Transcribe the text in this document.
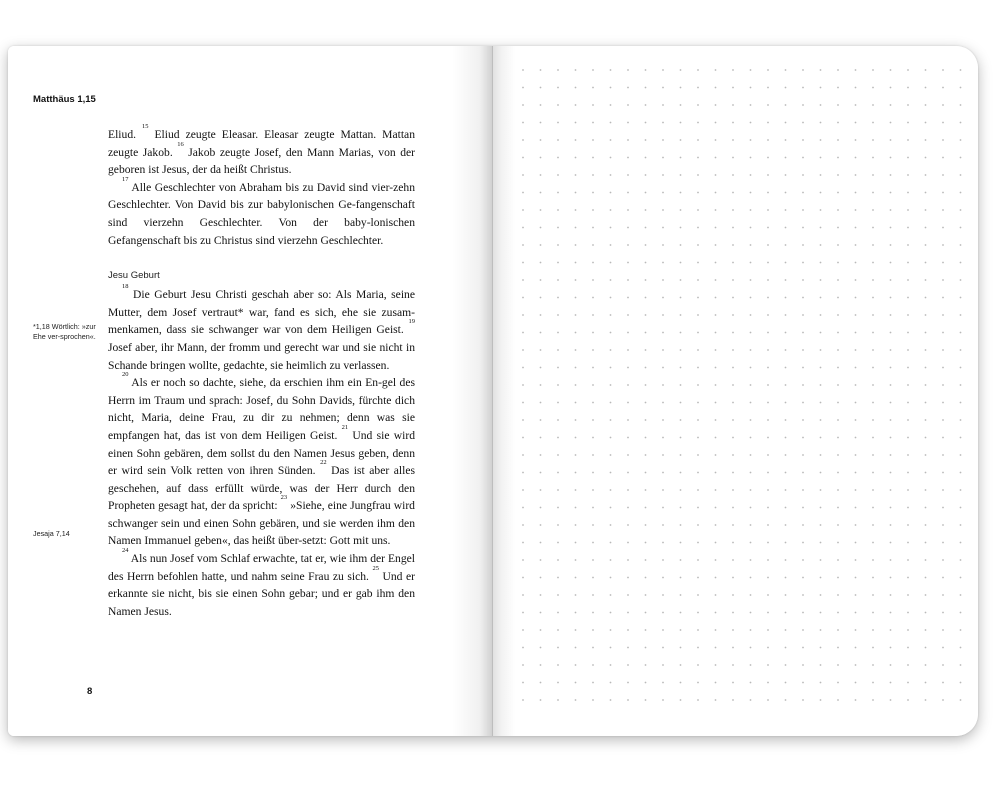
Matthäus 1,15
*1,18 Wörtlich: »zur Ehe ver-sprochen«.
Jesaja 7,14

Eliud. $^{15}$ Eliud zeugte Eleasar. Eleasar zeugte Mattan. Mattan zeugte Jakob. $^{16}$ Jakob zeugte Josef, den Mann Marias, von der geboren ist Jesus, der da heißt Christus.

$^{17}$ Alle Geschlechter von Abraham bis zu David sind vier-zehn Geschlechter. Von David bis zur babylonischen Ge-fangenschaft sind vierzehn Geschlechter. Von der baby-lonischen Gefangenschaft bis zu Christus sind vierzehn Geschlechter.

Jesu Geburt

$^{18}$ Die Geburt Jesu Christi geschah aber so: Als Maria, seine Mutter, dem Josef vertraut* war, fand es sich, ehe sie zusam-menkamen, dass sie schwanger war von dem Heiligen Geist. $^{19}$ Josef aber, ihr Mann, der fromm und gerecht war und sie nicht in Schande bringen wollte, gedachte, sie heimlich zu verlassen.

$^{20}$ Als er noch so dachte, siehe, da erschien ihm ein En-gel des Herrn im Traum und sprach: Josef, du Sohn Davids, fürchte dich nicht, Maria, deine Frau, zu dir zu nehmen; denn was sie empfangen hat, das ist von dem Heiligen Geist. $^{21}$ Und sie wird einen Sohn gebären, dem sollst du den Namen Jesus geben, denn er wird sein Volk retten von ihren Sünden. $^{22}$ Das ist aber alles geschehen, auf dass erfüllt würde, was der Herr durch den Propheten gesagt hat, der da spricht: $^{23}$ »Siehe, eine Jungfrau wird schwanger sein und einen Sohn gebären, und sie werden ihm den Namen Immanuel geben«, das heißt über-setzt: Gott mit uns.

$^{24}$ Als nun Josef vom Schlaf erwachte, tat er, wie ihm der Engel des Herrn befohlen hatte, und nahm seine Frau zu sich. $^{25}$ Und er erkannte sie nicht, bis sie einen Sohn gebar; und er gab ihm den Namen Jesus.

8
